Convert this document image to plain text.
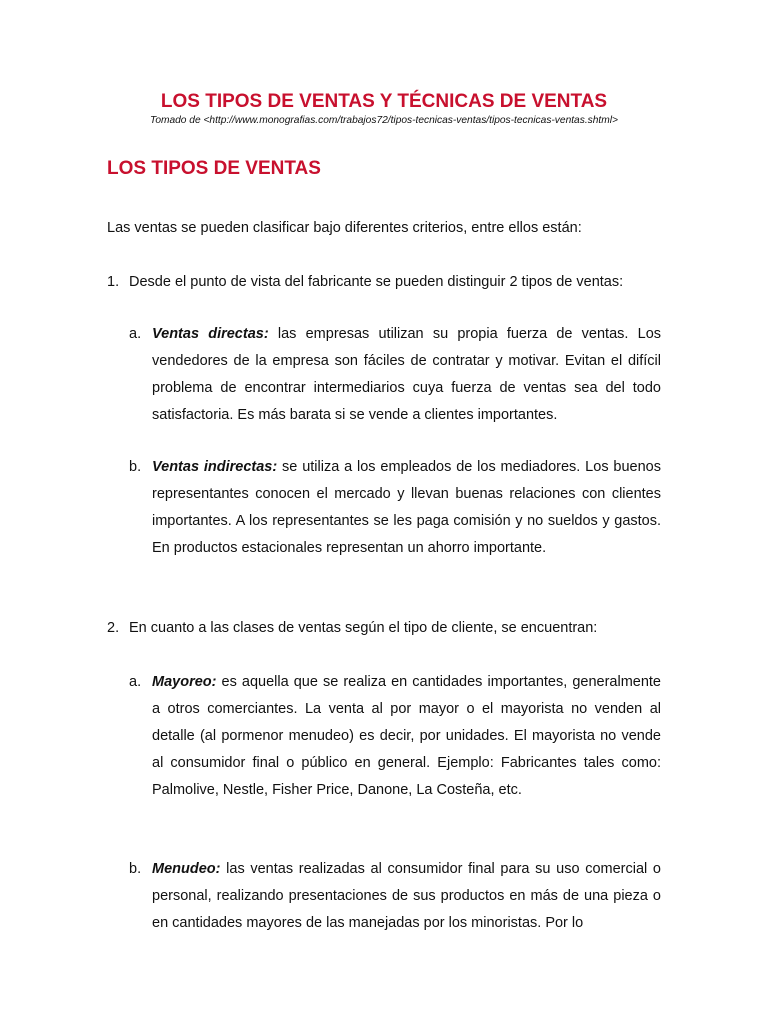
LOS TIPOS DE VENTAS Y TÉCNICAS DE VENTAS
Tomado de <http://www.monografias.com/trabajos72/tipos-tecnicas-ventas/tipos-tecnicas-ventas.shtml>
LOS TIPOS DE VENTAS

Las ventas se pueden clasificar bajo diferentes criterios, entre ellos están:

1. Desde el punto de vista del fabricante se pueden distinguir 2 tipos de ventas:
a. Ventas directas: las empresas utilizan su propia fuerza de ventas. Los vendedores de la empresa son fáciles de contratar y motivar. Evitan el difícil problema de encontrar intermediarios cuya fuerza de ventas sea del todo satisfactoria. Es más barata si se vende a clientes importantes.

b. Ventas indirectas: se utiliza a los empleados de los mediadores. Los buenos representantes conocen el mercado y llevan buenas relaciones con clientes importantes. A los representantes se les paga comisión y no sueldos y gastos. En productos estacionales representan un ahorro importante.

2. En cuanto a las clases de ventas según el tipo de cliente, se encuentran:
a. Mayoreo: es aquella que se realiza en cantidades importantes, generalmente a otros comerciantes. La venta al por mayor o el mayorista no venden al detalle (al pormenor menudeo) es decir, por unidades. El mayorista no vende al consumidor final o público en general. Ejemplo: Fabricantes tales como: Palmolive, Nestle, Fisher Price, Danone, La Costeña, etc.

b. Menudeo: las ventas realizadas al consumidor final para su uso comercial o personal, realizando presentaciones de sus productos en más de una pieza o en cantidades mayores de las manejadas por los minoristas. Por lo
